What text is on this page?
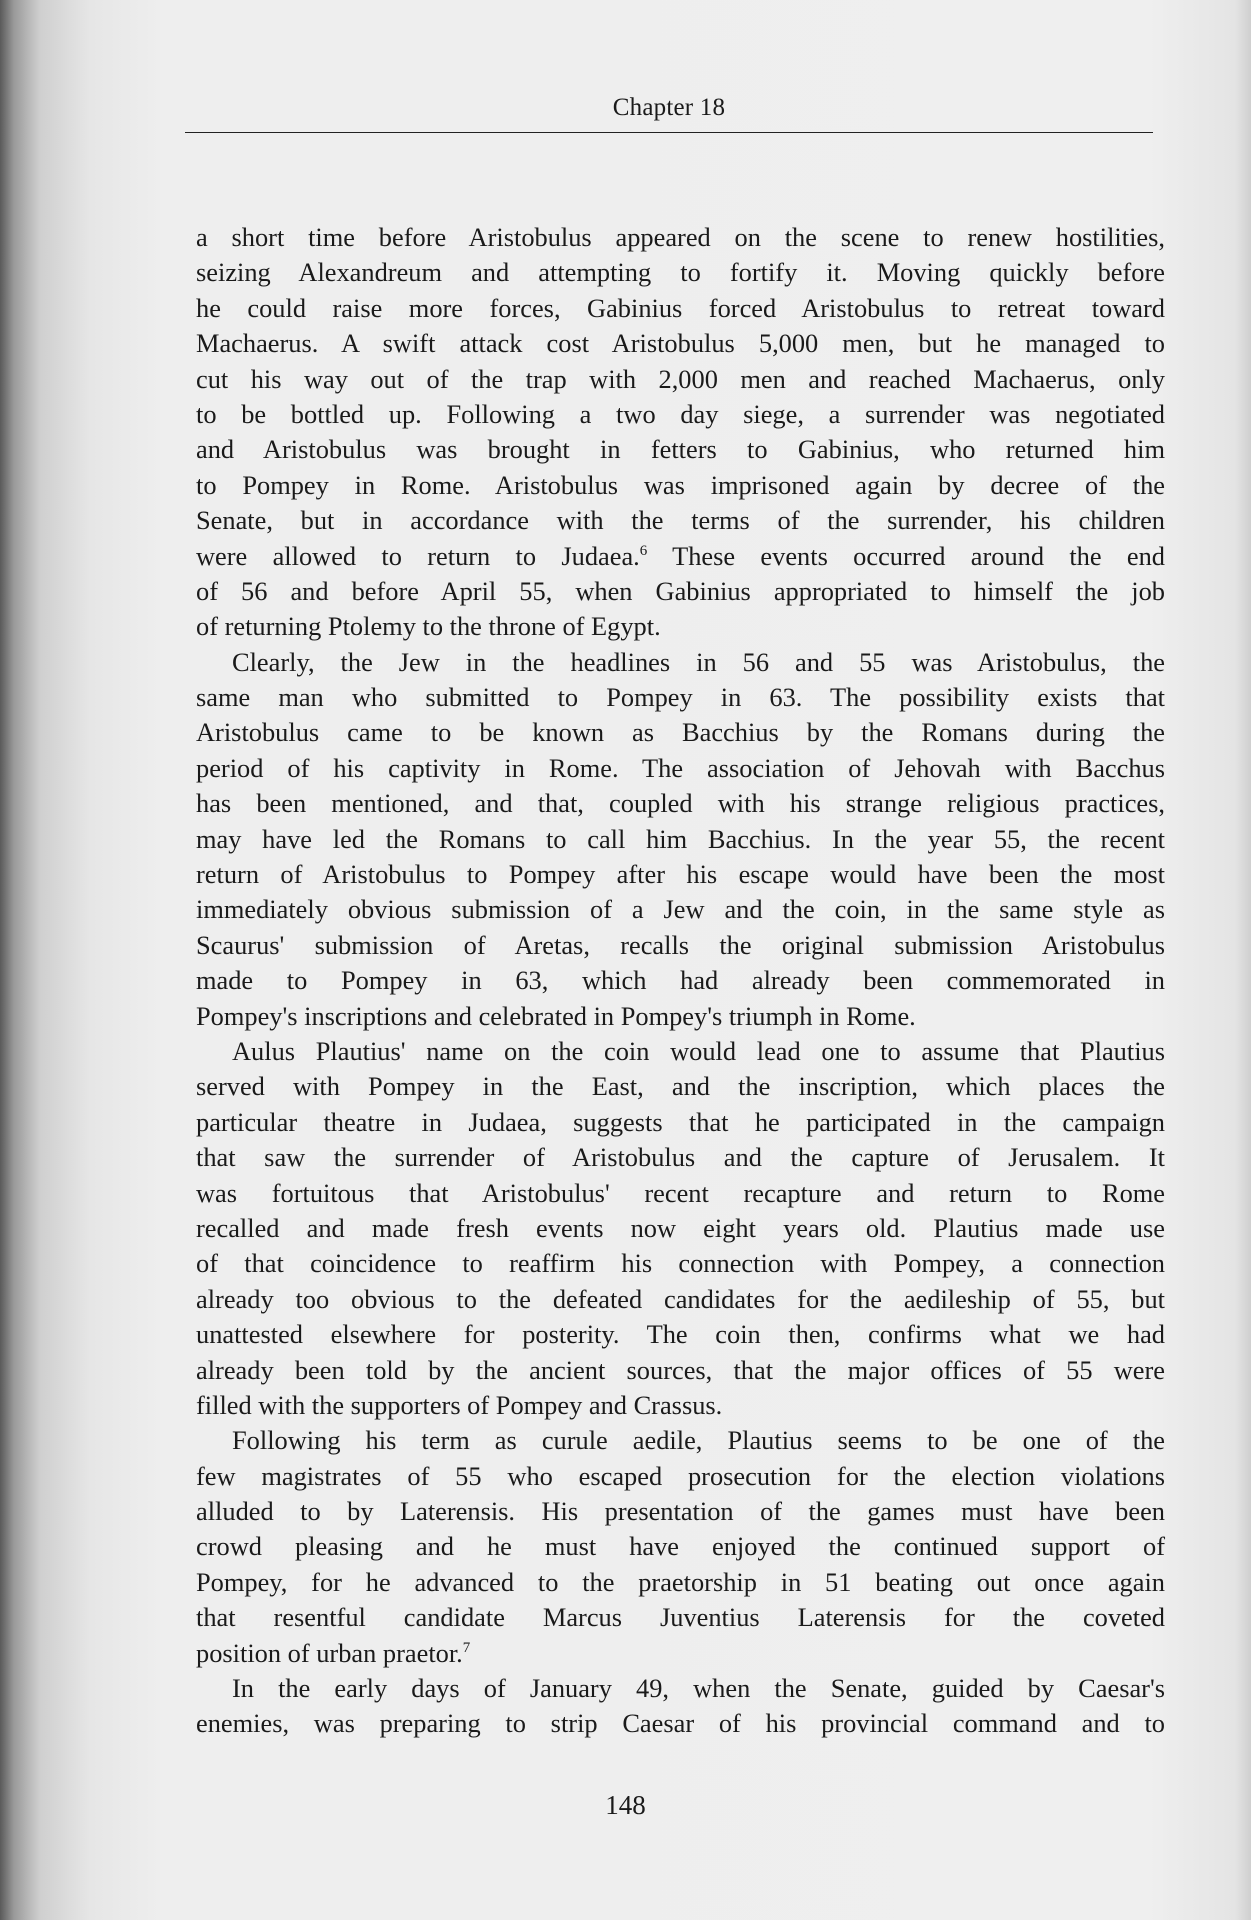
Chapter 18
a short time before Aristobulus appeared on the scene to renew hostilities,
seizing Alexandreum and attempting to fortify it. Moving quickly before
he could raise more forces, Gabinius forced Aristobulus to retreat toward
Machaerus. A swift attack cost Aristobulus 5,000 men, but he managed to
cut his way out of the trap with 2,000 men and reached Machaerus, only
to be bottled up. Following a two day siege, a surrender was negotiated
and Aristobulus was brought in fetters to Gabinius, who returned him
to Pompey in Rome. Aristobulus was imprisoned again by decree of the
Senate, but in accordance with the terms of the surrender, his children
were allowed to return to Judaea.$^6$ These events occurred around the end
of 56 and before April 55, when Gabinius appropriated to himself the job
of returning Ptolemy to the throne of Egypt.
Clearly, the Jew in the headlines in 56 and 55 was Aristobulus, the
same man who submitted to Pompey in 63. The possibility exists that
Aristobulus came to be known as Bacchius by the Romans during the
period of his captivity in Rome. The association of Jehovah with Bacchus
has been mentioned, and that, coupled with his strange religious practices,
may have led the Romans to call him Bacchius. In the year 55, the recent
return of Aristobulus to Pompey after his escape would have been the most
immediately obvious submission of a Jew and the coin, in the same style as
Scaurus' submission of Aretas, recalls the original submission Aristobulus
made to Pompey in 63, which had already been commemorated in
Pompey's inscriptions and celebrated in Pompey's triumph in Rome.
Aulus Plautius' name on the coin would lead one to assume that Plautius
served with Pompey in the East, and the inscription, which places the
particular theatre in Judaea, suggests that he participated in the campaign
that saw the surrender of Aristobulus and the capture of Jerusalem. It
was fortuitous that Aristobulus' recent recapture and return to Rome
recalled and made fresh events now eight years old. Plautius made use
of that coincidence to reaffirm his connection with Pompey, a connection
already too obvious to the defeated candidates for the aedileship of 55, but
unattested elsewhere for posterity. The coin then, confirms what we had
already been told by the ancient sources, that the major offices of 55 were
filled with the supporters of Pompey and Crassus.
Following his term as curule aedile, Plautius seems to be one of the
few magistrates of 55 who escaped prosecution for the election violations
alluded to by Laterensis. His presentation of the games must have been
crowd pleasing and he must have enjoyed the continued support of
Pompey, for he advanced to the praetorship in 51 beating out once again
that resentful candidate Marcus Juventius Laterensis for the coveted
position of urban praetor.$^7$
In the early days of January 49, when the Senate, guided by Caesar's
enemies, was preparing to strip Caesar of his provincial command and to
148
